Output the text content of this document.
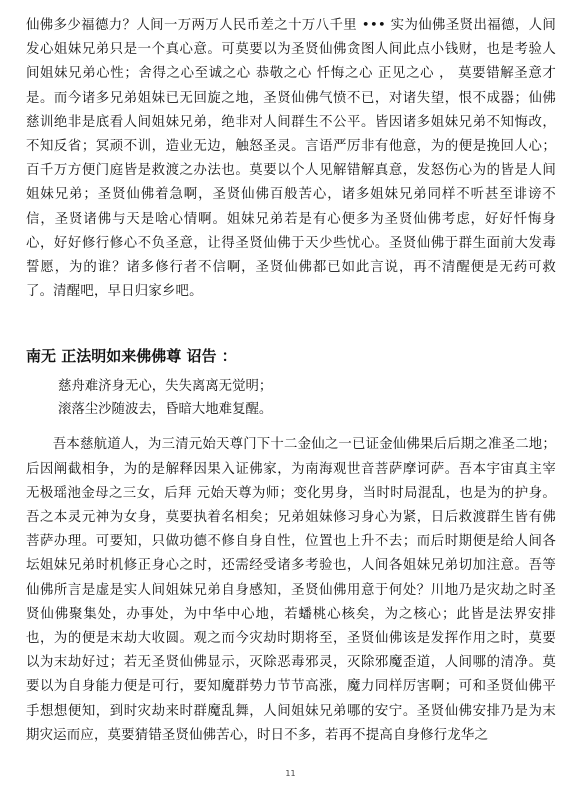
仙佛多少福德力？人间一万两万人民币差之十万八千里 ••• 实为仙佛圣贤出福德，人间发心姐妹兄弟只是一个真心意。可莫要以为圣贤仙佛贪图人间此点小钱财，也是考验人间姐妹兄弟心性；舍得之心至诚之心 恭敬之心 忏悔之心 正见之心 ， 莫要错解圣意才是。而今诸多兄弟姐妹已无回旋之地，圣贤仙佛气愤不已，对诸失望，恨不成器；仙佛慈训绝非是底看人间姐妹兄弟，绝非对人间群生不公平。皆因诸多姐妹兄弟不知悔改，不知反省；冥顽不训，造业无边，触怒圣灵。言语严厉非有他意，为的便是挽回人心；百千万方便门庭皆是救渡之办法也。莫要以个人见解错解真意，发怒伤心为的皆是人间姐妹兄弟；圣贤仙佛着急啊，圣贤仙佛百般苦心，诸多姐妹兄弟同样不听甚至诽谤不信，圣贤诸佛与天是啥心情啊。姐妹兄弟若是有心便多为圣贤仙佛考虑，好好忏悔身心，好好修行修心不负圣意，让得圣贤仙佛于天少些忧心。圣贤仙佛于群生面前大发毒誓愿，为的谁？诸多修行者不信啊，圣贤仙佛都已如此言说，再不清醒便是无药可救了。清醒吧，早日归家乡吧。

南无 正法明如来佛佛尊 诏告 ：
慈舟难济身无心，失失离离无觉明；
滚落尘沙随波去，昏暗大地难复醒。

吾本慈航道人，为三清元始天尊门下十二金仙之一已证金仙佛果后后期之准圣二地；后因阐截相争，为的是解释因果入证佛家，为南海观世音菩萨摩诃萨。吾本宇宙真主宰 无极瑶池金母之三女，后拜 元始天尊为师；变化男身，当时时局混乱，也是为的护身。吾之本灵元神为女身，莫要执着名相矣；兄弟姐妹修习身心为紧，日后救渡群生皆有佛菩萨办理。可要知，只做功德不修自身自性，位置也上升不去；而后时期便是给人间各坛姐妹兄弟时机修正身心之时，还需经受诸多考验也，人间各姐妹兄弟切加注意。吾等仙佛所言是虚是实人间姐妹兄弟自身感知，圣贤仙佛用意于何处？川地乃是灾劫之时圣贤仙佛聚集处，办事处，为中华中心地，若蟠桃心核矣，为之核心；此皆是法界安排也，为的便是末劫大收圆。观之而今灾劫时期将至，圣贤仙佛该是发挥作用之时，莫要以为末劫好过；若无圣贤仙佛显示，灭除恶毒邪灵，灭除邪魔歪道，人间哪的清净。莫要以为自身能力便是可行，要知魔群势力节节高涨，魔力同样厉害啊；可和圣贤仙佛平手想想便知，到时灾劫来时群魔乱舞，人间姐妹兄弟哪的安宁。圣贤仙佛安排乃是为末期灾运而应，莫要猜错圣贤仙佛苦心，时日不多，若再不提高自身修行龙华之

11
